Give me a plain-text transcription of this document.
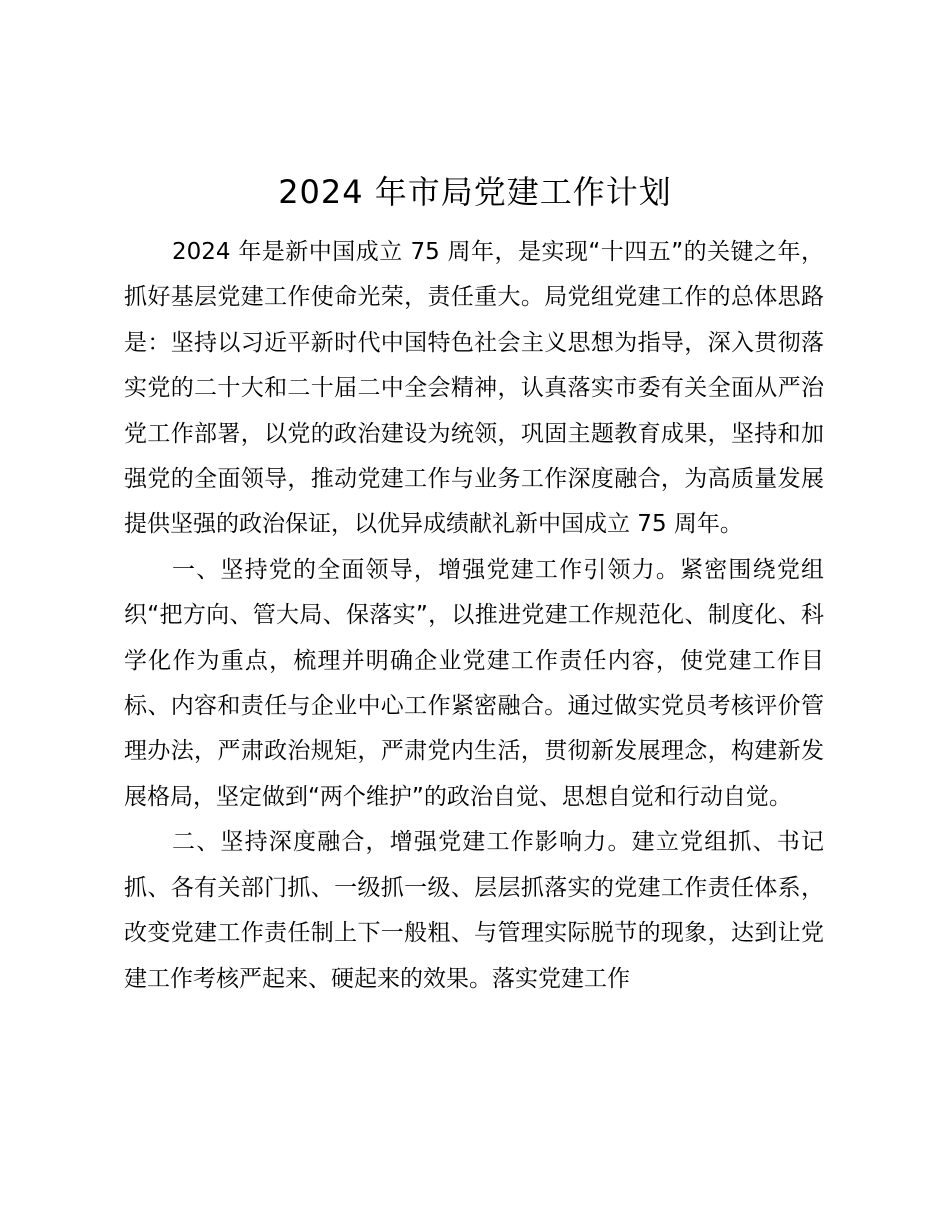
2024 年市局党建工作计划

2024 年是新中国成立 75 周年，是实现“十四五”的关键之年，抓好基层党建工作使命光荣，责任重大。局党组党建工作的总体思路是：坚持以习近平新时代中国特色社会主义思想为指导，深入贯彻落实党的二十大和二十届二中全会精神，认真落实市委有关全面从严治党工作部署，以党的政治建设为统领，巩固主题教育成果，坚持和加强党的全面领导，推动党建工作与业务工作深度融合，为高质量发展提供坚强的政治保证，以优异成绩献礼新中国成立 75 周年。

一、坚持党的全面领导，增强党建工作引领力。紧密围绕党组织“把方向、管大局、保落实”，以推进党建工作规范化、制度化、科学化作为重点，梳理并明确企业党建工作责任内容，使党建工作目标、内容和责任与企业中心工作紧密融合。通过做实党员考核评价管理办法，严肃政治规矩，严肃党内生活，贯彻新发展理念，构建新发展格局，坚定做到“两个维护”的政治自觉、思想自觉和行动自觉。

二、坚持深度融合，增强党建工作影响力。建立党组抓、书记抓、各有关部门抓、一级抓一级、层层抓落实的党建工作责任体系，改变党建工作责任制上下一般粗、与管理实际脱节的现象，达到让党建工作考核严起来、硬起来的效果。落实党建工作
